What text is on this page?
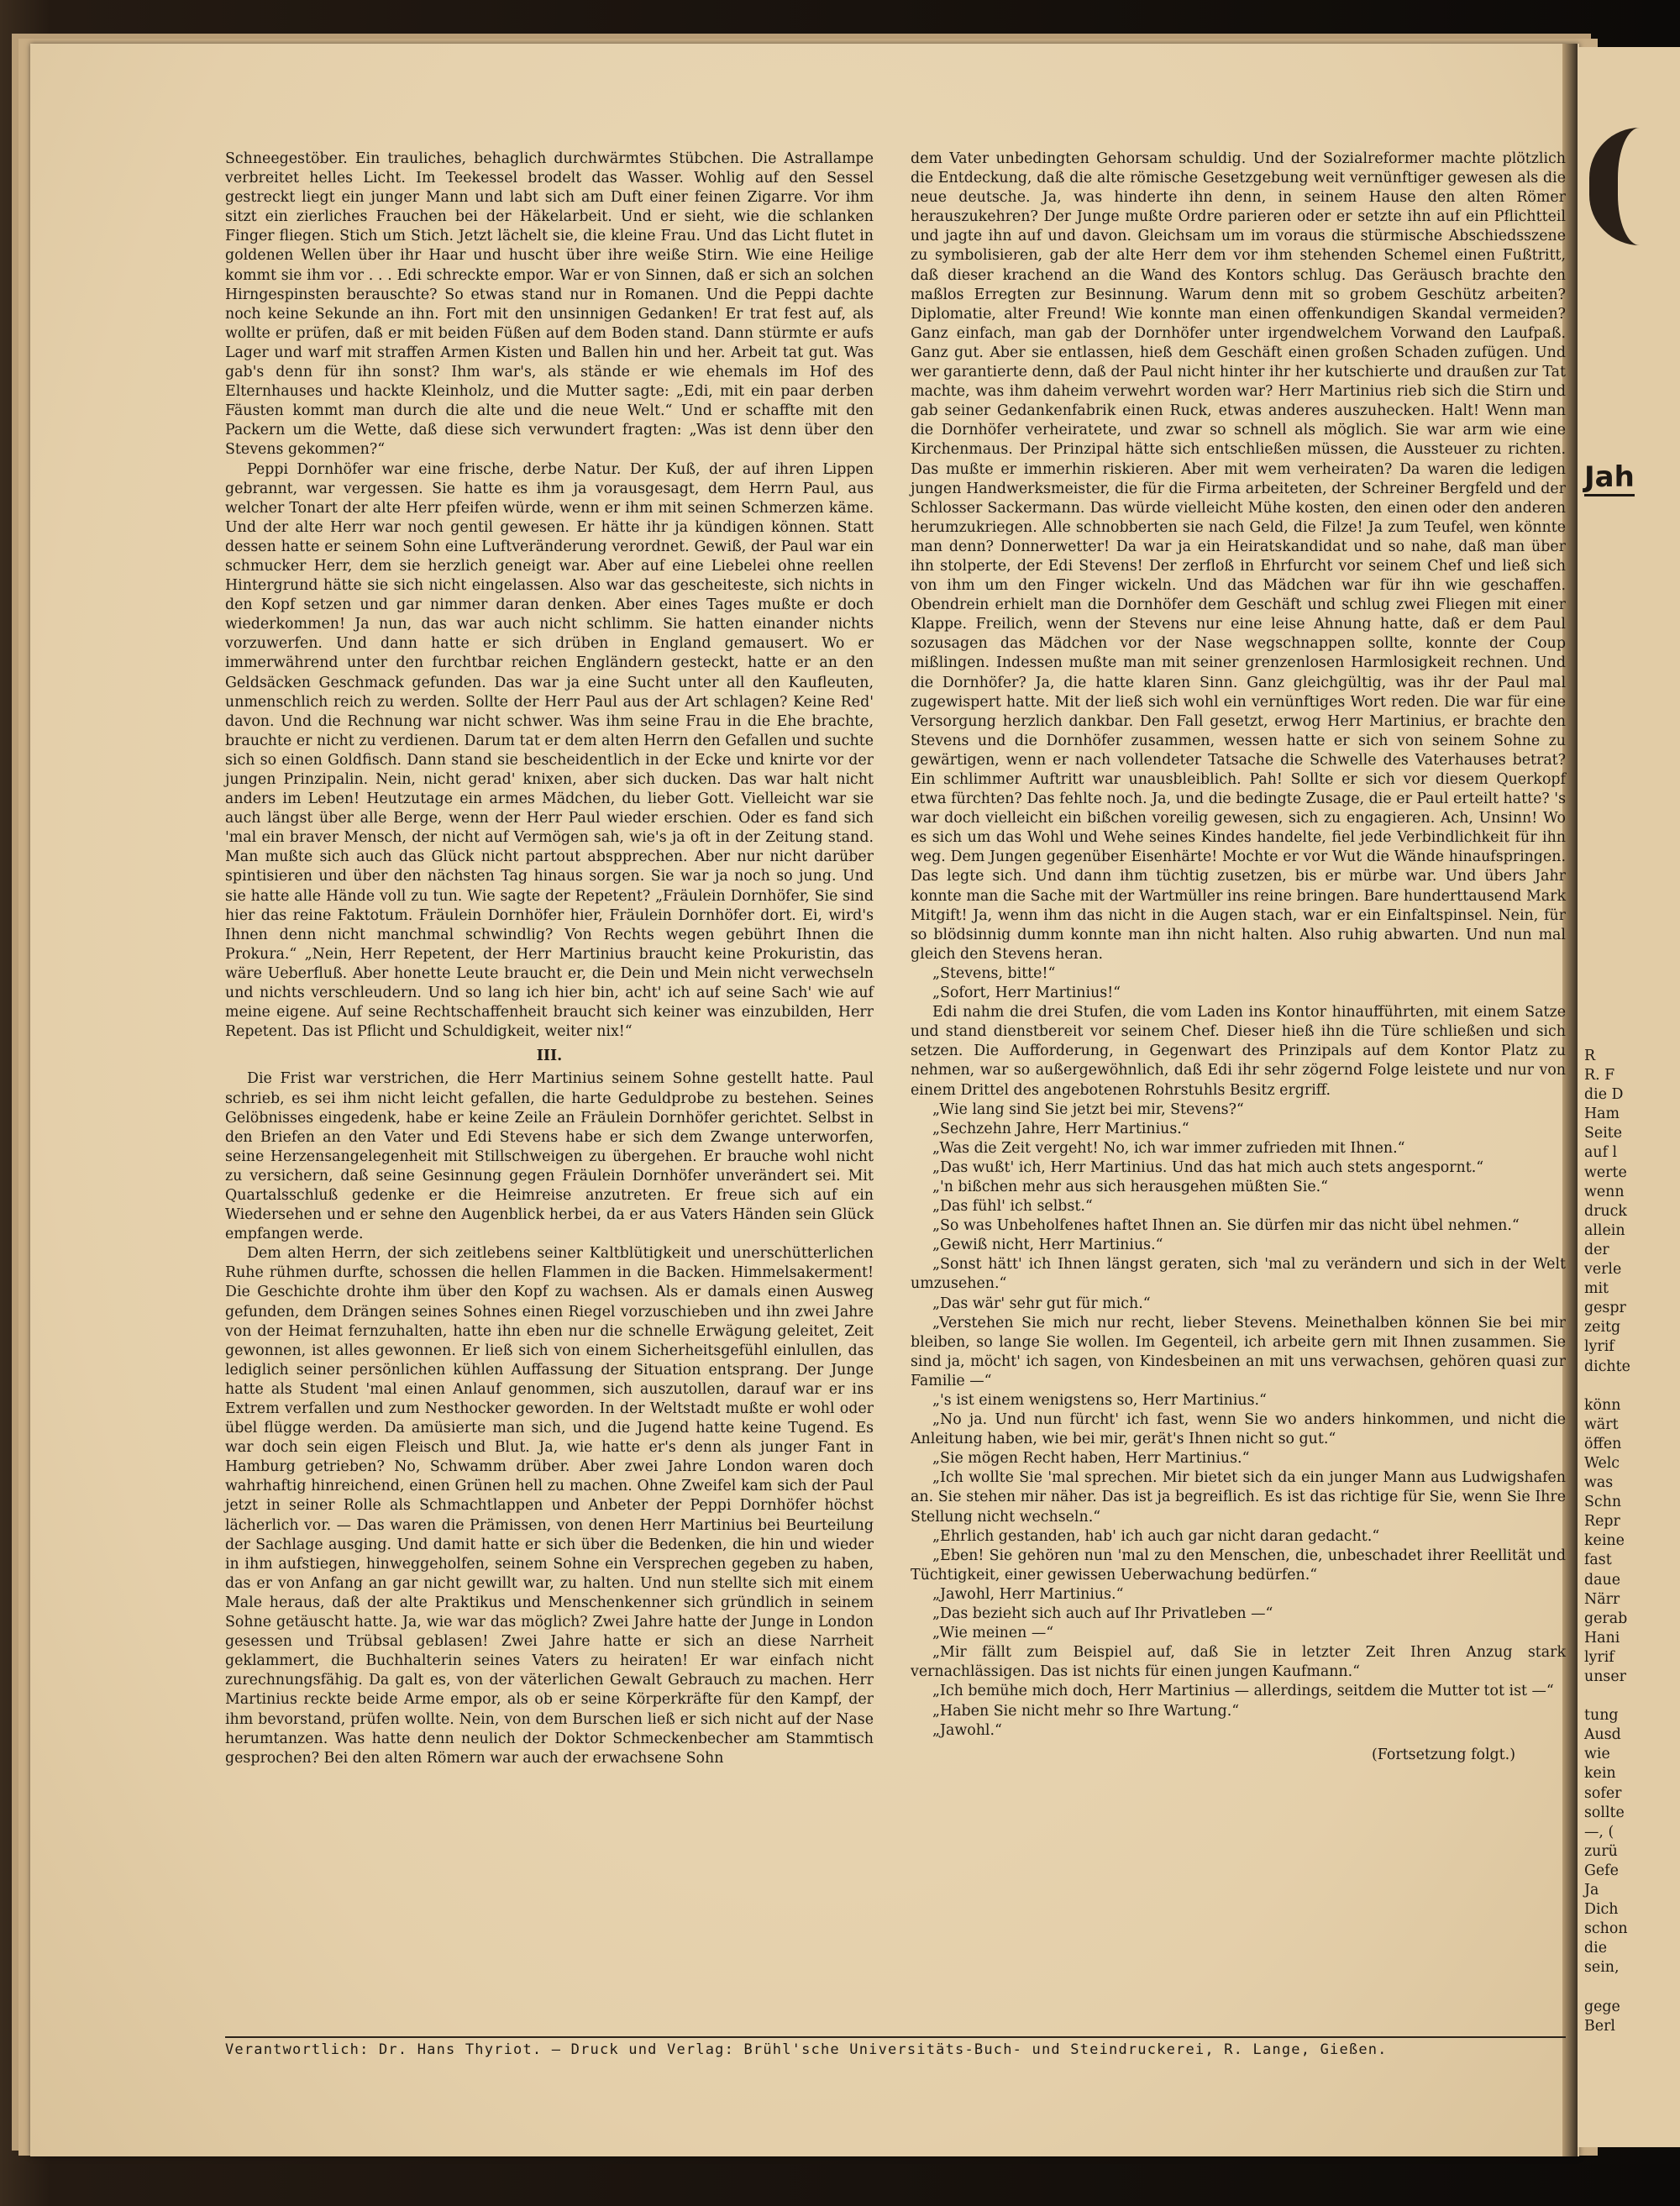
Schneegestöber. Ein trauliches, behaglich durchwärmtes Stübchen. Die Astrallampe verbreitet helles Licht. Im Teekessel brodelt das Wasser. Wohlig auf den Sessel gestreckt liegt ein junger Mann und labt sich am Duft einer feinen Zigarre. Vor ihm sitzt ein zierliches Frauchen bei der Häkelarbeit. Und er sieht, wie die schlanken Finger fliegen. Stich um Stich. Jetzt lächelt sie, die kleine Frau. Und das Licht flutet in goldenen Wellen über ihr Haar und huscht über ihre weiße Stirn. Wie eine Heilige kommt sie ihm vor . . . Edi schreckte empor. War er von Sinnen, daß er sich an solchen Hirngespinsten berauschte? So etwas stand nur in Romanen. Und die Peppi dachte noch keine Sekunde an ihn. Fort mit den unsinnigen Gedanken! Er trat fest auf, als wollte er prüfen, daß er mit beiden Füßen auf dem Boden stand. Dann stürmte er aufs Lager und warf mit straffen Armen Kisten und Ballen hin und her. Arbeit tat gut. Was gab's denn für ihn sonst? Ihm war's, als stände er wie ehemals im Hof des Elternhauses und hackte Kleinholz, und die Mutter sagte: „Edi, mit ein paar derben Fäusten kommt man durch die alte und die neue Welt.“ Und er schaffte mit den Packern um die Wette, daß diese sich verwundert fragten: „Was ist denn über den Stevens gekommen?“

Peppi Dornhöfer war eine frische, derbe Natur. Der Kuß, der auf ihren Lippen gebrannt, war vergessen. Sie hatte es ihm ja vorausgesagt, dem Herrn Paul, aus welcher Tonart der alte Herr pfeifen würde, wenn er ihm mit seinen Schmerzen käme. Und der alte Herr war noch gentil gewesen. Er hätte ihr ja kündigen können. Statt dessen hatte er seinem Sohn eine Luftveränderung verordnet. Gewiß, der Paul war ein schmucker Herr, dem sie herzlich geneigt war. Aber auf eine Liebelei ohne reellen Hintergrund hätte sie sich nicht eingelassen. Also war das gescheiteste, sich nichts in den Kopf setzen und gar nimmer daran denken. Aber eines Tages mußte er doch wiederkommen! Ja nun, das war auch nicht schlimm. Sie hatten einander nichts vorzuwerfen. Und dann hatte er sich drüben in England gemausert. Wo er immerwährend unter den furchtbar reichen Engländern gesteckt, hatte er an den Geldsäcken Geschmack gefunden. Das war ja eine Sucht unter all den Kaufleuten, unmenschlich reich zu werden. Sollte der Herr Paul aus der Art schlagen? Keine Red' davon. Und die Rechnung war nicht schwer. Was ihm seine Frau in die Ehe brachte, brauchte er nicht zu verdienen. Darum tat er dem alten Herrn den Gefallen und suchte sich so einen Goldfisch. Dann stand sie bescheidentlich in der Ecke und knirte vor der jungen Prinzipalin. Nein, nicht gerad' knixen, aber sich ducken. Das war halt nicht anders im Leben! Heutzutage ein armes Mädchen, du lieber Gott. Vielleicht war sie auch längst über alle Berge, wenn der Herr Paul wieder erschien. Oder es fand sich 'mal ein braver Mensch, der nicht auf Vermögen sah, wie's ja oft in der Zeitung stand. Man mußte sich auch das Glück nicht partout abspprechen. Aber nur nicht darüber spintisieren und über den nächsten Tag hinaus sorgen. Sie war ja noch so jung. Und sie hatte alle Hände voll zu tun. Wie sagte der Repetent? „Fräulein Dornhöfer, Sie sind hier das reine Faktotum. Fräulein Dornhöfer hier, Fräulein Dornhöfer dort. Ei, wird's Ihnen denn nicht manchmal schwindlig? Von Rechts wegen gebührt Ihnen die Prokura.“ „Nein, Herr Repetent, der Herr Martinius braucht keine Prokuristin, das wäre Ueberfluß. Aber honette Leute braucht er, die Dein und Mein nicht verwechseln und nichts verschleudern. Und so lang ich hier bin, acht' ich auf seine Sach' wie auf meine eigene. Auf seine Rechtschaffenheit braucht sich keiner was einzubilden, Herr Repetent. Das ist Pflicht und Schuldigkeit, weiter nix!“

III.

Die Frist war verstrichen, die Herr Martinius seinem Sohne gestellt hatte. Paul schrieb, es sei ihm nicht leicht gefallen, die harte Geduldprobe zu bestehen. Seines Gelöbnisses eingedenk, habe er keine Zeile an Fräulein Dornhöfer gerichtet. Selbst in den Briefen an den Vater und Edi Stevens habe er sich dem Zwange unterworfen, seine Herzensangelegenheit mit Stillschweigen zu übergehen. Er brauche wohl nicht zu versichern, daß seine Gesinnung gegen Fräulein Dornhöfer unverändert sei. Mit Quartalsschluß gedenke er die Heimreise anzutreten. Er freue sich auf ein Wiedersehen und er sehne den Augenblick herbei, da er aus Vaters Händen sein Glück empfangen werde.

Dem alten Herrn, der sich zeitlebens seiner Kaltblütigkeit und unerschütterlichen Ruhe rühmen durfte, schossen die hellen Flammen in die Backen. Himmelsakerment! Die Geschichte drohte ihm über den Kopf zu wachsen. Als er damals einen Ausweg gefunden, dem Drängen seines Sohnes einen Riegel vorzuschieben und ihn zwei Jahre von der Heimat fernzuhalten, hatte ihn eben nur die schnelle Erwägung geleitet, Zeit gewonnen, ist alles gewonnen. Er ließ sich von einem Sicherheitsgefühl einlullen, das lediglich seiner persönlichen kühlen Auffassung der Situation entsprang. Der Junge hatte als Student 'mal einen Anlauf genommen, sich auszutollen, darauf war er ins Extrem verfallen und zum Nesthocker geworden. In der Weltstadt mußte er wohl oder übel flügge werden. Da amüsierte man sich, und die Jugend hatte keine Tugend. Es war doch sein eigen Fleisch und Blut. Ja, wie hatte er's denn als junger Fant in Hamburg getrieben? No, Schwamm drüber. Aber zwei Jahre London waren doch wahrhaftig hinreichend, einen Grünen hell zu machen. Ohne Zweifel kam sich der Paul jetzt in seiner Rolle als Schmachtlappen und Anbeter der Peppi Dornhöfer höchst lächerlich vor. — Das waren die Prämissen, von denen Herr Martinius bei Beurteilung der Sachlage ausging. Und damit hatte er sich über die Bedenken, die hin und wieder in ihm aufstiegen, hinweggeholfen, seinem Sohne ein Versprechen gegeben zu haben, das er von Anfang an gar nicht gewillt war, zu halten. Und nun stellte sich mit einem Male heraus, daß der alte Praktikus und Menschenkenner sich gründlich in seinem Sohne getäuscht hatte. Ja, wie war das möglich? Zwei Jahre hatte der Junge in London gesessen und Trübsal geblasen! Zwei Jahre hatte er sich an diese Narrheit geklammert, die Buchhalterin seines Vaters zu heiraten! Er war einfach nicht zurechnungsfähig. Da galt es, von der väterlichen Gewalt Gebrauch zu machen. Herr Martinius reckte beide Arme empor, als ob er seine Körperkräfte für den Kampf, der ihm bevorstand, prüfen wollte. Nein, von dem Burschen ließ er sich nicht auf der Nase herumtanzen. Was hatte denn neulich der Doktor Schmeckenbecher am Stammtisch gesprochen? Bei den alten Römern war auch der erwachsene Sohn

dem Vater unbedingten Gehorsam schuldig. Und der Sozialreformer machte plötzlich die Entdeckung, daß die alte römische Gesetzgebung weit vernünftiger gewesen als die neue deutsche. Ja, was hinderte ihn denn, in seinem Hause den alten Römer herauszukehren? Der Junge mußte Ordre parieren oder er setzte ihn auf ein Pflichtteil und jagte ihn auf und davon. Gleichsam um im voraus die stürmische Abschiedsszene zu symbolisieren, gab der alte Herr dem vor ihm stehenden Schemel einen Fußtritt, daß dieser krachend an die Wand des Kontors schlug. Das Geräusch brachte den maßlos Erregten zur Besinnung. Warum denn mit so grobem Geschütz arbeiten? Diplomatie, alter Freund! Wie konnte man einen offenkundigen Skandal vermeiden? Ganz einfach, man gab der Dornhöfer unter irgendwelchem Vorwand den Laufpaß. Ganz gut. Aber sie entlassen, hieß dem Geschäft einen großen Schaden zufügen. Und wer garantierte denn, daß der Paul nicht hinter ihr her kutschierte und draußen zur Tat machte, was ihm daheim verwehrt worden war? Herr Martinius rieb sich die Stirn und gab seiner Gedankenfabrik einen Ruck, etwas anderes auszuhecken. Halt! Wenn man die Dornhöfer verheiratete, und zwar so schnell als möglich. Sie war arm wie eine Kirchenmaus. Der Prinzipal hätte sich entschließen müssen, die Aussteuer zu richten. Das mußte er immerhin riskieren. Aber mit wem verheiraten? Da waren die ledigen jungen Handwerksmeister, die für die Firma arbeiteten, der Schreiner Bergfeld und der Schlosser Sackermann. Das würde vielleicht Mühe kosten, den einen oder den anderen herumzukriegen. Alle schnobberten sie nach Geld, die Filze! Ja zum Teufel, wen könnte man denn? Donnerwetter! Da war ja ein Heiratskandidat und so nahe, daß man über ihn stolperte, der Edi Stevens! Der zerfloß in Ehrfurcht vor seinem Chef und ließ sich von ihm um den Finger wickeln. Und das Mädchen war für ihn wie geschaffen. Obendrein erhielt man die Dornhöfer dem Geschäft und schlug zwei Fliegen mit einer Klappe. Freilich, wenn der Stevens nur eine leise Ahnung hatte, daß er dem Paul sozusagen das Mädchen vor der Nase wegschnappen sollte, konnte der Coup mißlingen. Indessen mußte man mit seiner grenzenlosen Harmlosigkeit rechnen. Und die Dornhöfer? Ja, die hatte klaren Sinn. Ganz gleichgültig, was ihr der Paul mal zugewispert hatte. Mit der ließ sich wohl ein vernünftiges Wort reden. Die war für eine Versorgung herzlich dankbar. Den Fall gesetzt, erwog Herr Martinius, er brachte den Stevens und die Dornhöfer zusammen, wessen hatte er sich von seinem Sohne zu gewärtigen, wenn er nach vollendeter Tatsache die Schwelle des Vaterhauses betrat? Ein schlimmer Auftritt war unausbleiblich. Pah! Sollte er sich vor diesem Querkopf etwa fürchten? Das fehlte noch. Ja, und die bedingte Zusage, die er Paul erteilt hatte? 's war doch vielleicht ein bißchen voreilig gewesen, sich zu engagieren. Ach, Unsinn! Wo es sich um das Wohl und Wehe seines Kindes handelte, fiel jede Verbindlichkeit für ihn weg. Dem Jungen gegenüber Eisenhärte! Mochte er vor Wut die Wände hinaufspringen. Das legte sich. Und dann ihm tüchtig zusetzen, bis er mürbe war. Und übers Jahr konnte man die Sache mit der Wartmüller ins reine bringen. Bare hunderttausend Mark Mitgift! Ja, wenn ihm das nicht in die Augen stach, war er ein Einfaltspinsel. Nein, für so blödsinnig dumm konnte man ihn nicht halten. Also ruhig abwarten. Und nun mal gleich den Stevens heran.

„Stevens, bitte!“

„Sofort, Herr Martinius!“

Edi nahm die drei Stufen, die vom Laden ins Kontor hinaufführten, mit einem Satze und stand dienstbereit vor seinem Chef. Dieser hieß ihn die Türe schließen und sich setzen. Die Aufforderung, in Gegenwart des Prinzipals auf dem Kontor Platz zu nehmen, war so außergewöhnlich, daß Edi ihr sehr zögernd Folge leistete und nur von einem Drittel des angebotenen Rohrstuhls Besitz ergriff.

„Wie lang sind Sie jetzt bei mir, Stevens?“

„Sechzehn Jahre, Herr Martinius.“

„Was die Zeit vergeht! No, ich war immer zufrieden mit Ihnen.“

„Das wußt' ich, Herr Martinius. Und das hat mich auch stets angespornt.“

„'n bißchen mehr aus sich herausgehen müßten Sie.“

„Das fühl' ich selbst.“

„So was Unbeholfenes haftet Ihnen an. Sie dürfen mir das nicht übel nehmen.“

„Gewiß nicht, Herr Martinius.“

„Sonst hätt' ich Ihnen längst geraten, sich 'mal zu verändern und sich in der Welt umzusehen.“

„Das wär' sehr gut für mich.“

„Verstehen Sie mich nur recht, lieber Stevens. Meinethalben können Sie bei mir bleiben, so lange Sie wollen. Im Gegenteil, ich arbeite gern mit Ihnen zusammen. Sie sind ja, möcht' ich sagen, von Kindesbeinen an mit uns verwachsen, gehören quasi zur Familie —“

„'s ist einem wenigstens so, Herr Martinius.“

„No ja. Und nun fürcht' ich fast, wenn Sie wo anders hinkommen, und nicht die Anleitung haben, wie bei mir, gerät's Ihnen nicht so gut.“

„Sie mögen Recht haben, Herr Martinius.“

„Ich wollte Sie 'mal sprechen. Mir bietet sich da ein junger Mann aus Ludwigshafen an. Sie stehen mir näher. Das ist ja begreiflich. Es ist das richtige für Sie, wenn Sie Ihre Stellung nicht wechseln.“

„Ehrlich gestanden, hab' ich auch gar nicht daran gedacht.“

„Eben! Sie gehören nun 'mal zu den Menschen, die, unbeschadet ihrer Reellität und Tüchtigkeit, einer gewissen Ueberwachung bedürfen.“

„Jawohl, Herr Martinius.“

„Das bezieht sich auch auf Ihr Privatleben —“

„Wie meinen —“

„Mir fällt zum Beispiel auf, daß Sie in letzter Zeit Ihren Anzug stark vernachlässigen. Das ist nichts für einen jungen Kaufmann.“

„Ich bemühe mich doch, Herr Martinius — allerdings, seitdem die Mutter tot ist —“

„Haben Sie nicht mehr so Ihre Wartung.“

„Jawohl.“

(Fortsetzung folgt.)
Verantwortlich: Dr. Hans Thyriot. — Druck und Verlag: Brühl'sche Universitäts-Buch- und Steindruckerei, R. Lange, Gießen.
Jah
R
R. F
die D
Ham
Seite
auf l
werte
wenn
druck
allein
der
verle
mit
gespr
zeitg
lyrif
dichte

könn
wärt
öffen
Welc
was
Schn
Repr
keine
fast
daue
Närr
gerab
Hani
lyrif
unser

tung
Ausd
wie
kein
sofer
sollte
—, (
zurü
Gefe
Ja
Dich
schon
die
sein,

gege
Berl
